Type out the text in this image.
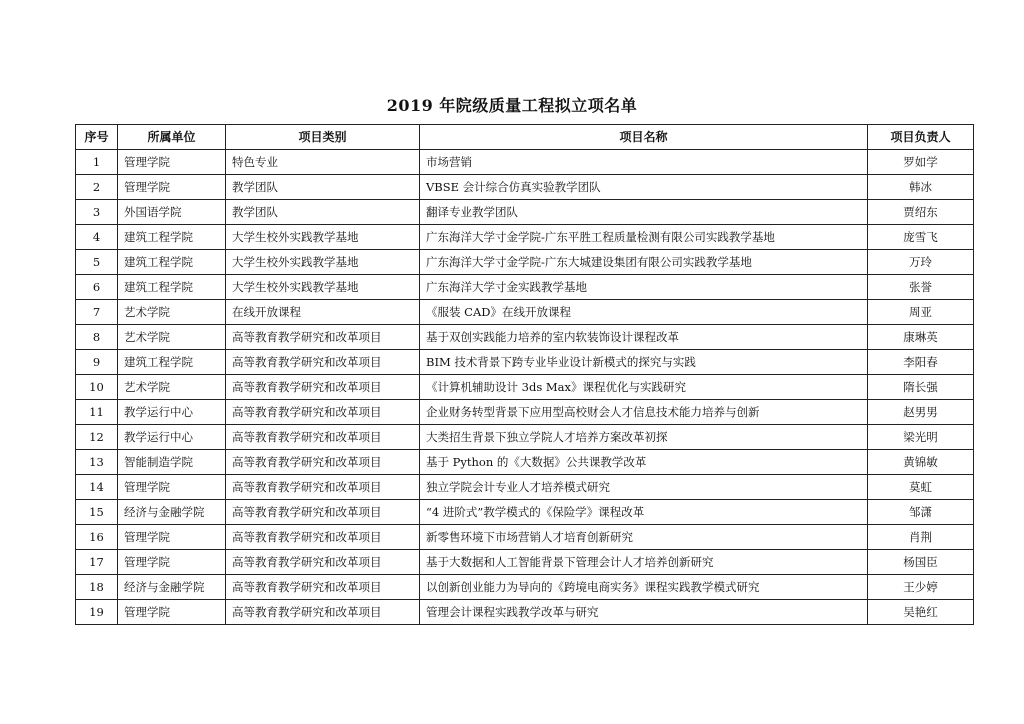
2019 年院级质量工程拟立项名单
序号	所属单位	项目类别	项目名称	项目负责人
1	管理学院	特色专业	市场营销	罗如学
2	管理学院	教学团队	VBSE 会计综合仿真实验教学团队	韩冰
3	外国语学院	教学团队	翻译专业教学团队	贾绍东
4	建筑工程学院	大学生校外实践教学基地	广东海洋大学寸金学院-广东平胜工程质量检测有限公司实践教学基地	庞雪飞
5	建筑工程学院	大学生校外实践教学基地	广东海洋大学寸金学院-广东大城建设集团有限公司实践教学基地	万玲
6	建筑工程学院	大学生校外实践教学基地	广东海洋大学寸金实践教学基地	张誉
7	艺术学院	在线开放课程	《服装 CAD》在线开放课程	周亚
8	艺术学院	高等教育教学研究和改革项目	基于双创实践能力培养的室内软装饰设计课程改革	康琳英
9	建筑工程学院	高等教育教学研究和改革项目	BIM 技术背景下跨专业毕业设计新模式的探究与实践	李阳春
10	艺术学院	高等教育教学研究和改革项目	《计算机辅助设计 3ds Max》课程优化与实践研究	隋长强
11	教学运行中心	高等教育教学研究和改革项目	企业财务转型背景下应用型高校财会人才信息技术能力培养与创新	赵男男
12	教学运行中心	高等教育教学研究和改革项目	大类招生背景下独立学院人才培养方案改革初探	梁光明
13	智能制造学院	高等教育教学研究和改革项目	基于 Python 的《大数据》公共课教学改革	黄锦敏
14	管理学院	高等教育教学研究和改革项目	独立学院会计专业人才培养模式研究	莫虹
15	经济与金融学院	高等教育教学研究和改革项目	“4 进阶式”教学模式的《保险学》课程改革	邹潇
16	管理学院	高等教育教学研究和改革项目	新零售环境下市场营销人才培育创新研究	肖荆
17	管理学院	高等教育教学研究和改革项目	基于大数据和人工智能背景下管理会计人才培养创新研究	杨国臣
18	经济与金融学院	高等教育教学研究和改革项目	以创新创业能力为导向的《跨境电商实务》课程实践教学模式研究	王少婷
19	管理学院	高等教育教学研究和改革项目	管理会计课程实践教学改革与研究	吴艳红
